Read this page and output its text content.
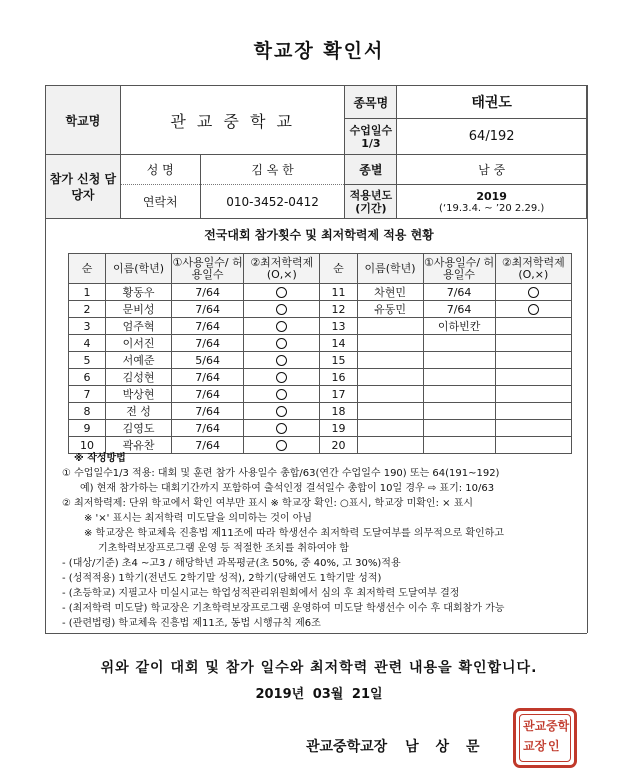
학교장 확인서
학교명	관 교 중 학 교		종목명	태권도
			수업일수 1/3	64/192
참가 신청 담당자	성 명	김 옥 한	종별	남 중
	연락처	010-3452-0412	적용년도 (기간)	2019
(‘19.3.4. ~ ’20 2.29.)
전국대회 참가횟수 및 최저학력제 적용 현황
순	이름(학년)	①사용일수/ 허용일수	②최저학력제 (O,×)	순	이름(학년)	①사용일수/ 허용일수	②최저학력제 (O,×)
1	황동우	7/64		11	차현민	7/64	
2	문비성	7/64		12	유동민	7/64	
3	엄주혁	7/64		13		이하빈칸	
4	이서진	7/64		14			
5	서예준	5/64		15			
6	김성현	7/64		16			
7	박상현	7/64		17			
8	전 성	7/64		18			
9	김영도	7/64		19			
10	곽유찬	7/64		20			
※ 작성방법
① 수업일수1/3 적용: 대회 및 훈련 참가 사용일수 총합/63(연간 수업일수 190) 또는 64(191~192)
예) 현재 참가하는 대회기간까지 포함하여 출석인정 결석일수 총합이 10일 경우 ⇨ 표기: 10/63
② 최저학력제: 단위 학교에서 확인 여부만 표시 ※ 학교장 확인: ○표시, 학교장 미확인: × 표시
※ '×' 표시는 최저학력 미도달을 의미하는 것이 아님
※ 학교장은 학교체육 진흥법 제11조에 따라 학생선수 최저학력 도달여부를 의무적으로 확인하고
기초학력보장프로그램 운영 등 적절한 조치를 취하여야 함
- (대상/기준) 초4 ~고3 / 해당학년 과목평균(초 50%, 중 40%, 고 30%)적용
- (성적적용) 1학기(전년도 2학기말 성적), 2학기(당해연도 1학기말 성적)
- (초등학교) 지필고사 미실시교는 학업성적관리위원회에서 심의 후 최저학력 도달여부 결정
- (최저학력 미도달) 학교장은 기초학력보장프로그램 운영하여 미도달 학생선수 이수 후 대회참가 가능
- (관련법령) 학교체육 진흥법 제11조, 동법 시행규칙 제6조
위와 같이 대회 및 참가 일수와 최저학력 관련 내용을 확인합니다.
2019년 03월 21일
관교중학교장 남 상 문
관교 중학
교장 인
